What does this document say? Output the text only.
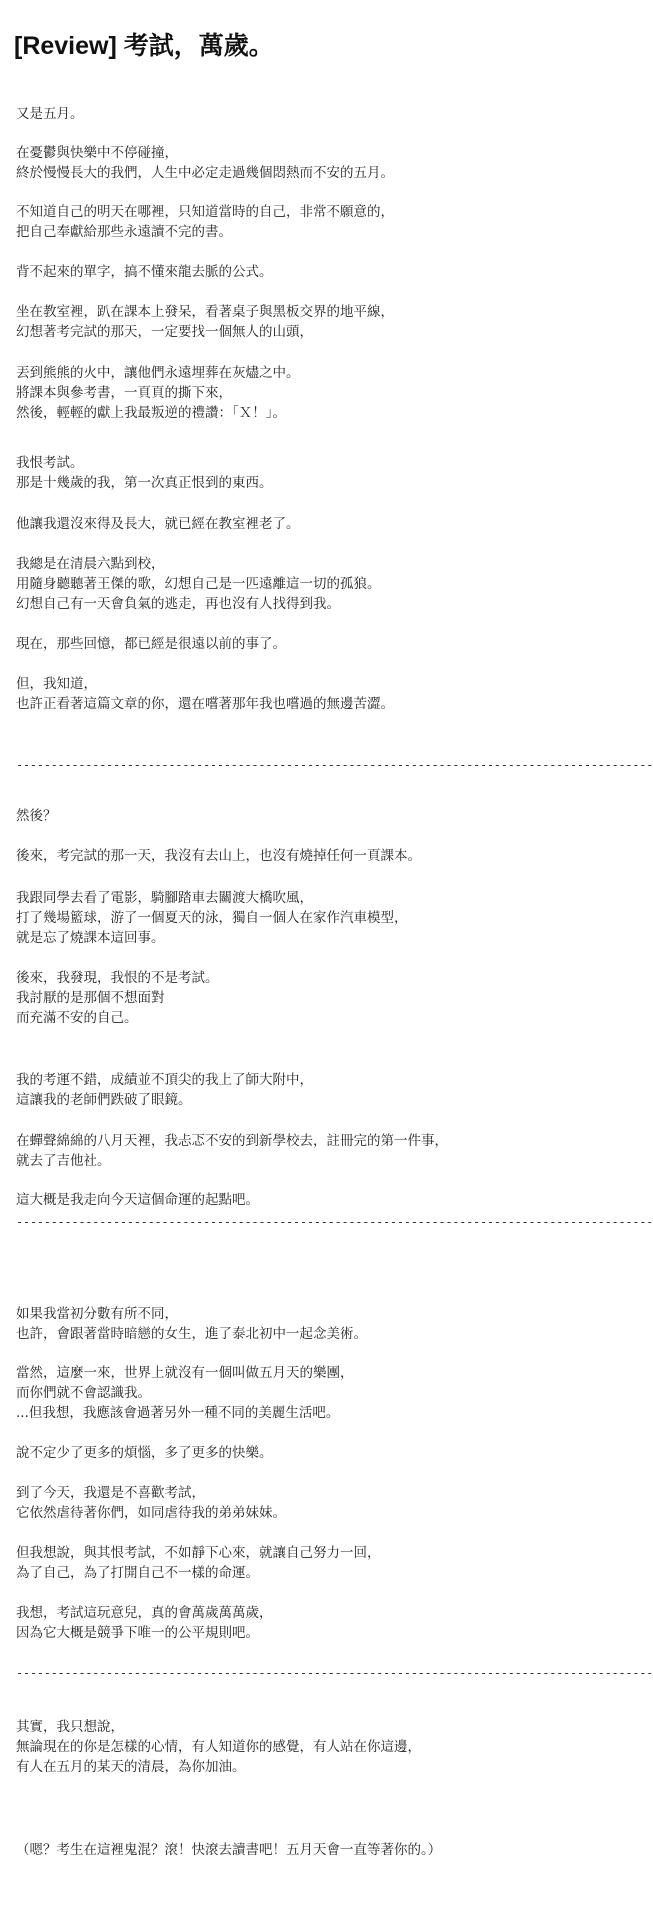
[Review] 考試，萬歲。

又是五月。

在憂鬱與快樂中不停碰撞，
終於慢慢長大的我們，人生中必定走過幾個悶熱而不安的五月。

不知道自己的明天在哪裡，只知道當時的自己，非常不願意的，
把自己奉獻給那些永遠讀不完的書。

背不起來的單字，搞不懂來龍去脈的公式。

坐在教室裡，趴在課本上發呆，看著桌子與黑板交界的地平線，
幻想著考完試的那天，一定要找一個無人的山頭，

丟到熊熊的火中，讓他們永遠埋葬在灰燼之中。
將課本與參考書，一頁頁的撕下來，
然後，輕輕的獻上我最叛逆的禮讚：「Ｘ！」。

我恨考試。
那是十幾歲的我，第一次真正恨到的東西。

他讓我還沒來得及長大，就已經在教室裡老了。

我總是在清晨六點到校，
用隨身聽聽著王傑的歌，幻想自己是一匹遠離這一切的孤狼。
幻想自己有一天會負氣的逃走，再也沒有人找得到我。

現在，那些回憶，都已經是很遠以前的事了。

但，我知道，
也許正看著這篇文章的你，還在嚐著那年我也嚐過的無邊苦澀。

--------------------------------------------------------------------------------------------

然後？

後來，考完試的那一天，我沒有去山上，也沒有燒掉任何一頁課本。

我跟同學去看了電影，騎腳踏車去關渡大橋吹風，
打了幾場籃球，游了一個夏天的泳，獨自一個人在家作汽車模型，
就是忘了燒課本這回事。

後來，我發現，我恨的不是考試。
我討厭的是那個不想面對
而充滿不安的自己。

我的考運不錯，成績並不頂尖的我上了師大附中，
這讓我的老師們跌破了眼鏡。

在蟬聲綿綿的八月天裡，我忐忑不安的到新學校去，註冊完的第一件事，
就去了吉他社。

這大概是我走向今天這個命運的起點吧。

--------------------------------------------------------------------------------------------

如果我當初分數有所不同，
也許，會跟著當時暗戀的女生，進了泰北初中一起念美術。

當然，這麼一來，世界上就沒有一個叫做五月天的樂團，
而你們就不會認識我。
...但我想，我應該會過著另外一種不同的美麗生活吧。

說不定少了更多的煩惱，多了更多的快樂。

到了今天，我還是不喜歡考試，
它依然虐待著你們，如同虐待我的弟弟妹妹。

但我想說，與其恨考試，不如靜下心來，就讓自己努力一回，
為了自己，為了打開自己不一樣的命運。

我想，考試這玩意兒，真的會萬歲萬萬歲，
因為它大概是競爭下唯一的公平規則吧。

--------------------------------------------------------------------------------------------

其實，我只想說，
無論現在的你是怎樣的心情，有人知道你的感覺，有人站在你這邊，
有人在五月的某天的清晨，為你加油。

（嗯？考生在這裡鬼混？滾！快滾去讀書吧！五月天會一直等著你的。）
